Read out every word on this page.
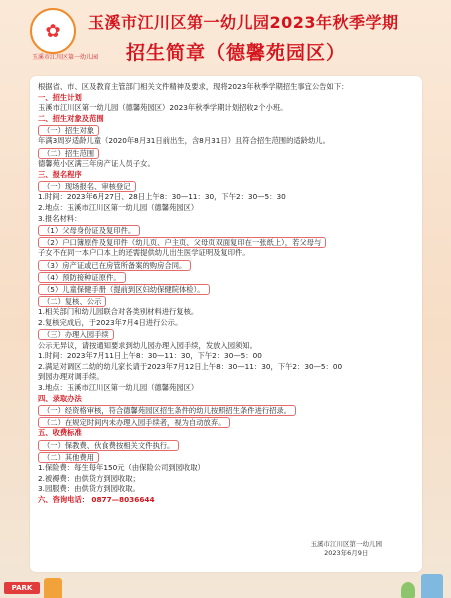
✿
玉溪市江川区第一幼儿园
玉溪市江川区第一幼儿园2023年秋季学期
招生简章（德馨苑园区）
根据省、市、区及教育主管部门相关文件精神及要求，现将2023年秋季学期招生事宜公告如下：
一、招生计划
玉溪市江川区第一幼儿园（德馨苑园区）2023年秋季学期计划招收2个小班。
二、招生对象及范围
（一）招生对象
年满3周岁适龄儿童（2020年8月31日前出生，含8月31日）且符合招生范围的适龄幼儿。
（二）招生范围
德馨苑小区满三年房产证人员子女。
三、报名程序
（一）现场报名、审核登记
1.时间：2023年6月27日、28日上午8：30—11：30，下午2：30—5：30
2.地点：玉溪市江川区第一幼儿园（德馨苑园区）
3.报名材料：
（1）父母身份证及复印件。
（2）户口簿原件及复印件（幼儿页、户主页、父母页双面复印在一张纸上），若父母与
子女不在同一本户口本上的还需提供幼儿出生医学证明及复印件。
（3）房产证或已在房管所备案的购房合同。
（4）预防接种证原件。
（5）儿童保健手册（提前到区妇幼保健院体检）。
（二）复核、公示
1.相关部门和幼儿园联合对各类别材料进行复核。
2.复核完成后，于2023年7月4日进行公示。
（三）办理入园手续
公示无异议，请按通知要求到幼儿园办理入园手续，发放入园须知。
1.时间：2023年7月11日上午8：30—11：30，下午2：30—5：00
2.满足对调区二幼的幼儿家长请于2023年7月12日上午8：30—11：30，下午2：30—5：00
到园办理对调手续。
3.地点：玉溪市江川区第一幼儿园（德馨苑园区）
四、录取办法
（一）经资格审核，符合德馨苑园区招生条件的幼儿按照招生条件进行招录。
（二）在规定时间内未办理入园手续者，视为自动放弃。
五、收费标准
（一）保教费、伙食费按相关文件执行。
（二）其他费用
1.保险费：每生每年150元（由保险公司到园收取）
2.被褥费：由供货方到园收取；
3.园服费：由供货方到园收取。
六、咨询电话： 0877—8036644
玉溪市江川区第一幼儿园
2023年6月9日
PARK
